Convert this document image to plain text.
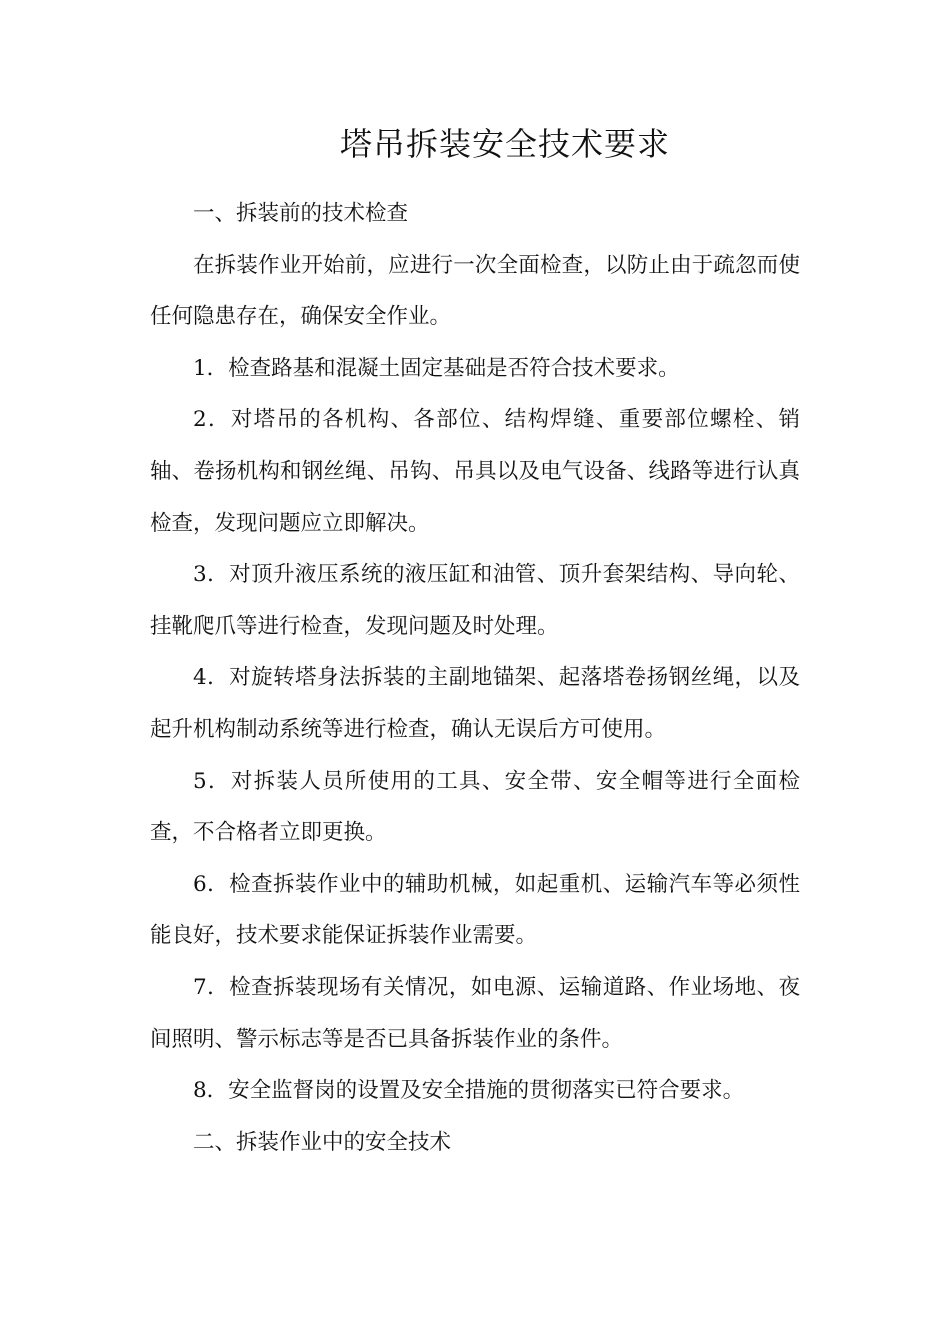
塔吊拆装安全技术要求

一、拆装前的技术检查

在拆装作业开始前，应进行一次全面检查，以防止由于疏忽而使任何隐患存在，确保安全作业。

1．检查路基和混凝土固定基础是否符合技术要求。

2．对塔吊的各机构、各部位、结构焊缝、重要部位螺栓、销轴、卷扬机构和钢丝绳、吊钩、吊具以及电气设备、线路等进行认真检查，发现问题应立即解决。

3．对顶升液压系统的液压缸和油管、顶升套架结构、导向轮、挂靴爬爪等进行检查，发现问题及时处理。

4．对旋转塔身法拆装的主副地锚架、起落塔卷扬钢丝绳，以及起升机构制动系统等进行检查，确认无误后方可使用。

5．对拆装人员所使用的工具、安全带、安全帽等进行全面检查，不合格者立即更换。

6．检查拆装作业中的辅助机械，如起重机、运输汽车等必须性能良好，技术要求能保证拆装作业需要。

7．检查拆装现场有关情况，如电源、运输道路、作业场地、夜间照明、警示标志等是否已具备拆装作业的条件。

8．安全监督岗的设置及安全措施的贯彻落实已符合要求。

二、拆装作业中的安全技术
